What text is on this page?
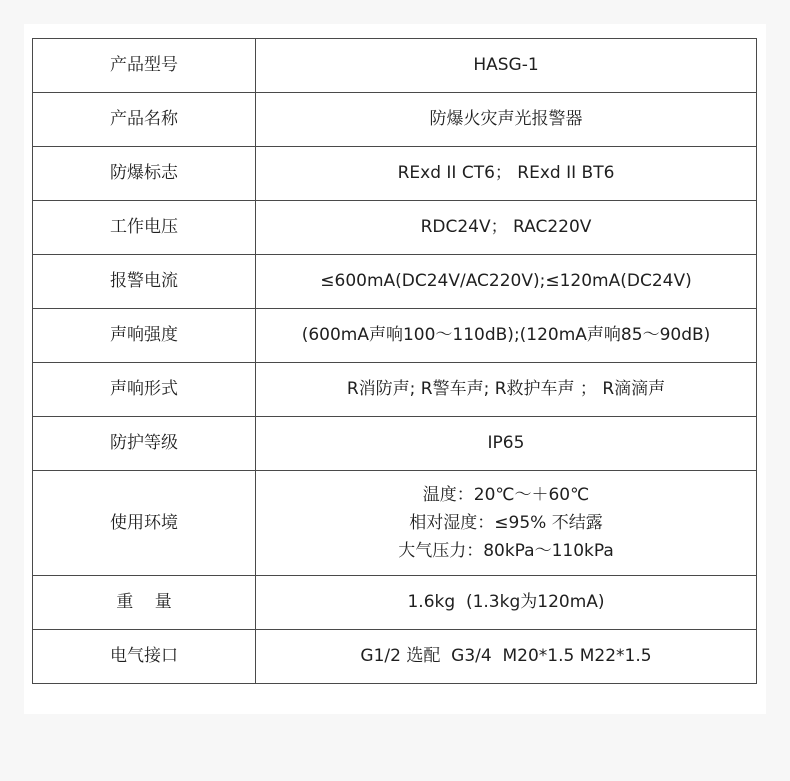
产品型号	HASG-1
产品名称	防爆火灾声光报警器
防爆标志	RExd II CT6； RExd II BT6
工作电压	RDC24V； RAC220V
报警电流	≤600mA(DC24V/AC220V);≤120mA(DC24V)
声响强度	(600mA声响100～110dB);(120mA声响85～90dB)
声响形式	R消防声; R警车声; R救护车声 ； R滴滴声
防护等级	IP65
使用环境	温度：20℃～＋60℃
相对湿度：≤95% 不结露
大气压力：80kPa～110kPa

重    量	1.6kg  (1.3kg为120mA)
电气接口	G1/2 选配  G3/4  M20*1.5 M22*1.5
